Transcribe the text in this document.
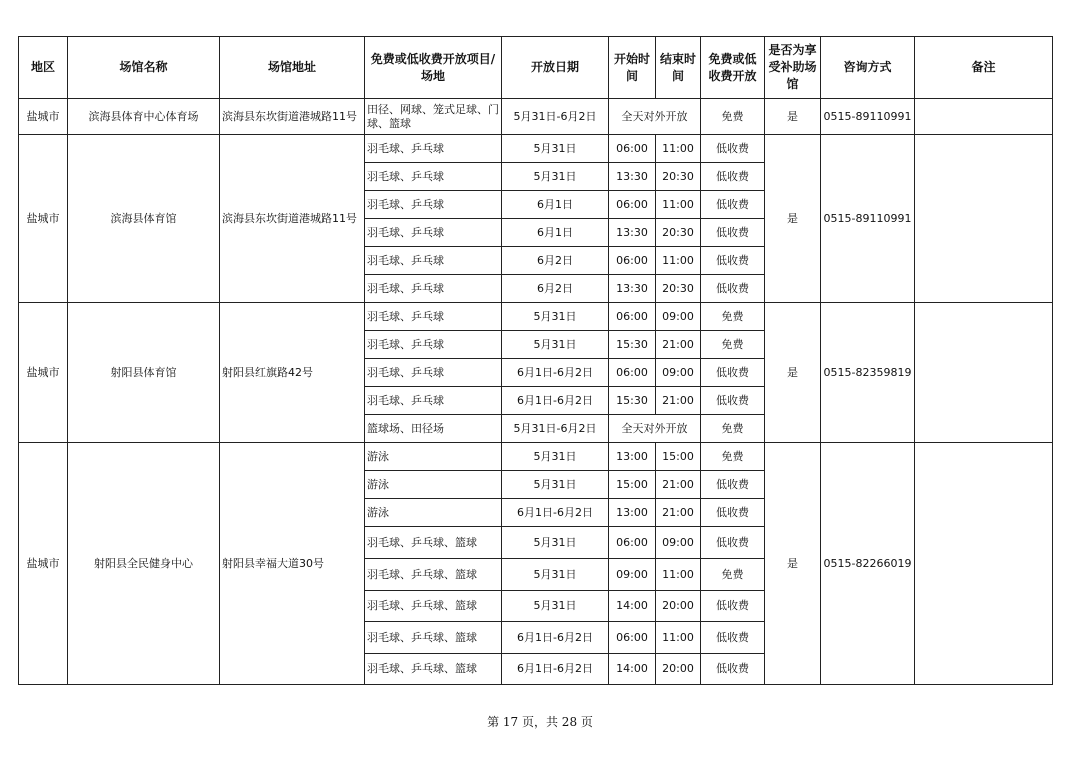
地区	场馆名称	场馆地址	免费或低收费开放项目/场地	开放日期	开始时间	结束时间	免费或低收费开放	是否为享受补助场馆	咨询方式	备注
盐城市	滨海县体育中心体育场	滨海县东坎街道港城路11号	田径、网球、笼式足球、门球、篮球	5月31日-6月2日	全天对外开放		免费	是	0515-89110991	
盐城市	滨海县体育馆	滨海县东坎街道港城路11号	羽毛球、乒乓球	5月31日	06:00	11:00	低收费	是	0515-89110991	
			羽毛球、乒乓球	5月31日	13:30	20:30	低收费			
			羽毛球、乒乓球	6月1日	06:00	11:00	低收费			
			羽毛球、乒乓球	6月1日	13:30	20:30	低收费			
			羽毛球、乒乓球	6月2日	06:00	11:00	低收费			
			羽毛球、乒乓球	6月2日	13:30	20:30	低收费			
盐城市	射阳县体育馆	射阳县红旗路42号	羽毛球、乒乓球	5月31日	06:00	09:00	免费	是	0515-82359819	
			羽毛球、乒乓球	5月31日	15:30	21:00	免费			
			羽毛球、乒乓球	6月1日-6月2日	06:00	09:00	低收费			
			羽毛球、乒乓球	6月1日-6月2日	15:30	21:00	低收费			
			篮球场、田径场	5月31日-6月2日	全天对外开放		免费			
盐城市	射阳县全民健身中心	射阳县幸福大道30号	游泳	5月31日	13:00	15:00	免费	是	0515-82266019	
			游泳	5月31日	15:00	21:00	低收费			
			游泳	6月1日-6月2日	13:00	21:00	低收费			
			羽毛球、乒乓球、篮球	5月31日	06:00	09:00	低收费			
			羽毛球、乒乓球、篮球	5月31日	09:00	11:00	免费			
			羽毛球、乒乓球、篮球	5月31日	14:00	20:00	低收费			
			羽毛球、乒乓球、篮球	6月1日-6月2日	06:00	11:00	低收费			
			羽毛球、乒乓球、篮球	6月1日-6月2日	14:00	20:00	低收费			
第 17 页，共 28 页
